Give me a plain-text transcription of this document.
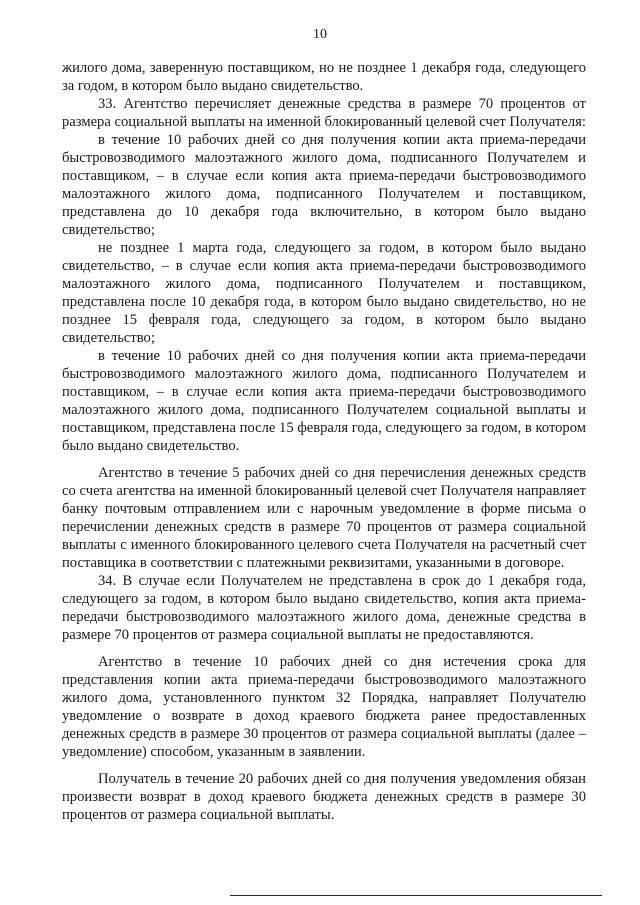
10

жилого дома, заверенную поставщиком, но не позднее 1 декабря года, следующего за годом, в котором было выдано свидетельство.

33. Агентство перечисляет денежные средства в размере 70 процентов от размера социальной выплаты на именной блокированный целевой счет Получателя:

в течение 10 рабочих дней со дня получения копии акта приема-передачи быстровозводимого малоэтажного жилого дома, подписанного Получателем и поставщиком, – в случае если копия акта приема-передачи быстровозводимого малоэтажного жилого дома, подписанного Получателем и поставщиком, представлена до 10 декабря года включительно, в котором было выдано свидетельство;

не позднее 1 марта года, следующего за годом, в котором было выдано свидетельство, – в случае если копия акта приема-передачи быстровозводимого малоэтажного жилого дома, подписанного Получателем и поставщиком, представлена после 10 декабря года, в котором было выдано свидетельство, но не позднее 15 февраля года, следующего за годом, в котором было выдано свидетельство;

в течение 10 рабочих дней со дня получения копии акта приема-передачи быстровозводимого малоэтажного жилого дома, подписанного Получателем и поставщиком, – в случае если копия акта приема-передачи быстровозводимого малоэтажного жилого дома, подписанного Получателем социальной выплаты и поставщиком, представлена после 15 февраля года, следующего за годом, в котором было выдано свидетельство.

Агентство в течение 5 рабочих дней со дня перечисления денежных средств со счета агентства на именной блокированный целевой счет Получателя направляет банку почтовым отправлением или с нарочным уведомление в форме письма о перечислении денежных средств в размере 70 процентов от размера социальной выплаты с именного блокированного целевого счета Получателя на расчетный счет поставщика в соответствии с платежными реквизитами, указанными в договоре.

34. В случае если Получателем не представлена в срок до 1 декабря года, следующего за годом, в котором было выдано свидетельство, копия акта приема-передачи быстровозводимого малоэтажного жилого дома, денежные средства в размере 70 процентов от размера социальной выплаты не предоставляются.

Агентство в течение 10 рабочих дней со дня истечения срока для представления копии акта приема-передачи быстровозводимого малоэтажного жилого дома, установленного пунктом 32 Порядка, направляет Получателю уведомление о возврате в доход краевого бюджета ранее предоставленных денежных средств в размере 30 процентов от размера социальной выплаты (далее – уведомление) способом, указанным в заявлении.

Получатель в течение 20 рабочих дней со дня получения уведомления обязан произвести возврат в доход краевого бюджета денежных средств в размере 30 процентов от размера социальной выплаты.
